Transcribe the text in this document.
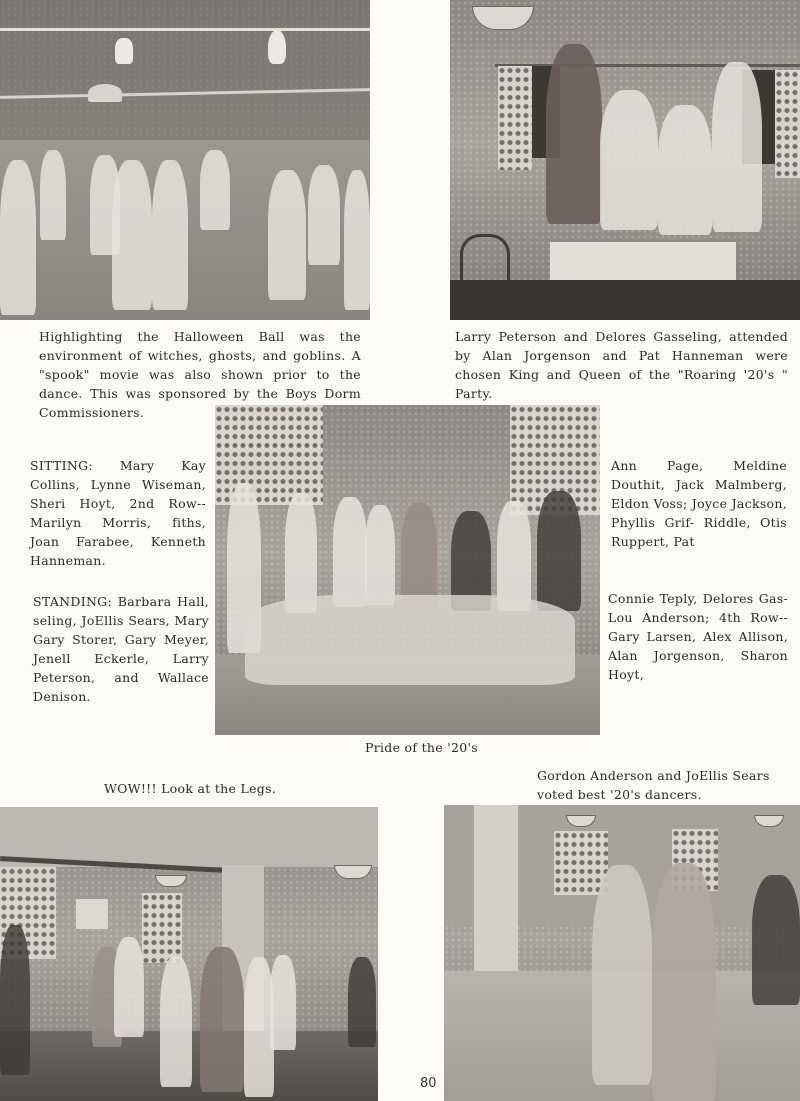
Highlighting the Halloween Ball was the environment of witches, ghosts, and goblins. A "spook" movie was also shown prior to the dance. This was sponsored by the Boys Dorm Commissioners.
Larry Peterson and Delores Gasseling, attended by Alan Jorgenson and Pat Hanneman were chosen King and Queen of the "Roaring '20's " Party.
SITTING: Mary Kay Collins, Lynne Wiseman, Sheri Hoyt, 2nd Row-- Marilyn Morris, fiths, Joan Farabee, Kenneth Hanneman.
Ann Page, Meldine Douthit, Jack Malmberg, Eldon Voss; Joyce Jackson, Phyllis Grif- Riddle, Otis Ruppert, Pat
STANDING: Barbara Hall, seling, JoEllis Sears, Mary Gary Storer, Gary Meyer, Jenell Eckerle, Larry Peterson, and Wallace Denison.
Connie Teply, Delores Gas- Lou Anderson; 4th Row-- Gary Larsen, Alex Allison, Alan Jorgenson, Sharon Hoyt,
Pride of the '20's
WOW!!! Look at the Legs.
Gordon Anderson and JoEllis Sears voted best '20's dancers.
80
